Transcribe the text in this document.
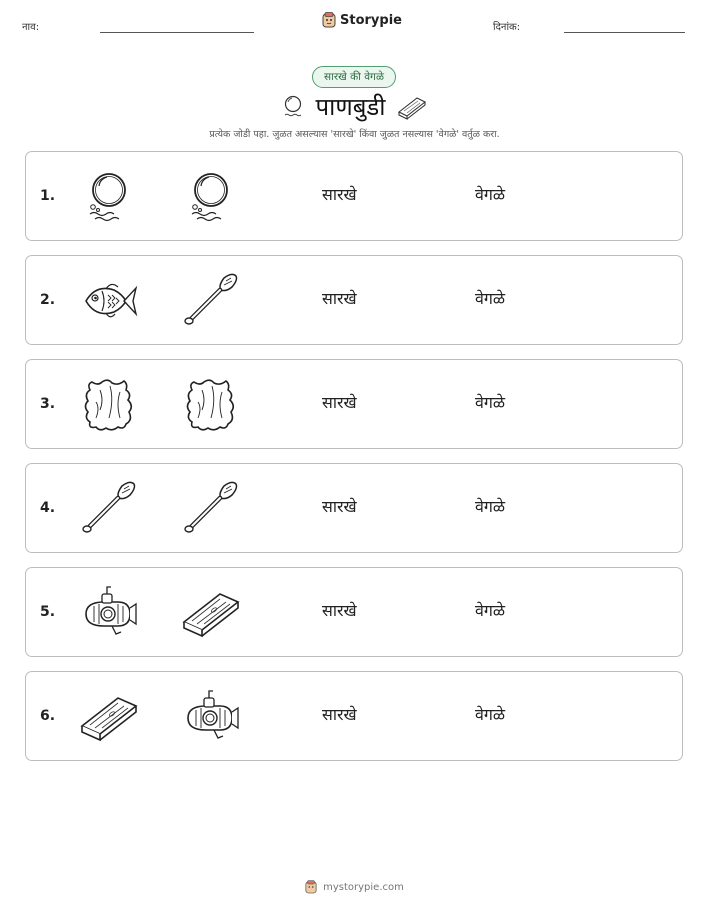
नाव:	Storypie	दिनांक:
सारखे की वेगळे
पाणबुडी
प्रत्येक जोडी पहा. जुळत असल्यास 'सारखे' किंवा जुळत नसल्यास 'वेगळे' वर्तुळ करा.
1.	सारखे	वेगळे
2.	सारखे	वेगळे
3.	सारखे	वेगळे
4.	सारखे	वेगळे
5.	सारखे	वेगळे
6.	सारखे	वेगळे
mystorypie.com
